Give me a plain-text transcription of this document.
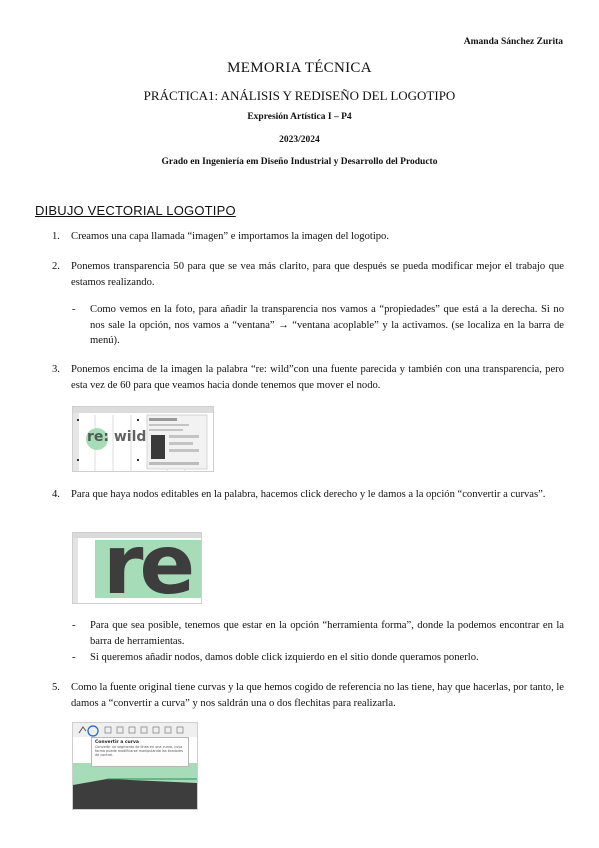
Amanda Sánchez Zurita
MEMORIA TÉCNICA
PRÁCTICA1: ANÁLISIS Y REDISEÑO DEL LOGOTIPO
Expresión Artística I – P4
2023/2024
Grado en Ingeniería em Diseño Industrial y Desarrollo del Producto
DIBUJO VECTORIAL LOGOTIPO
1. Creamos una capa llamada “imagen” e importamos la imagen del logotipo.
2. Ponemos transparencia 50 para que se vea más clarito, para que después se pueda modificar mejor el trabajo que estamos realizando.
- Como vemos en la foto, para añadir la transparencia nos vamos a “propiedades” que está a la derecha. Si no nos sale la opción, nos vamos a “ventana” → “ventana acoplable” y la activamos. (se localiza en la barra de menú).
3. Ponemos encima de la imagen la palabra “re: wild”con una fuente parecida y también con una transparencia, pero esta vez de 60 para que veamos hacia donde tenemos que mover el nodo.
re: wild
4. Para que haya nodos editables en la palabra, hacemos click derecho y le damos a la opción “convertir a curvas”.
re
- Para que sea posible, tenemos que estar en la opción “herramienta forma”, donde la podemos encontrar en la barra de herramientas.
- Si queremos añadir nodos, damos doble click izquierdo en el sitio donde queramos ponerlo.
5. Como la fuente original tiene curvas y la que hemos cogido de referencia no las tiene, hay que hacerlas, por tanto, le damos a “convertir a curva” y nos saldrán una o dos flechitas para realizarla.
Convertir a curva
Convertir un segmento de línea en una curva, cuya forma puede modificarse manipulando los tiradores de control.
